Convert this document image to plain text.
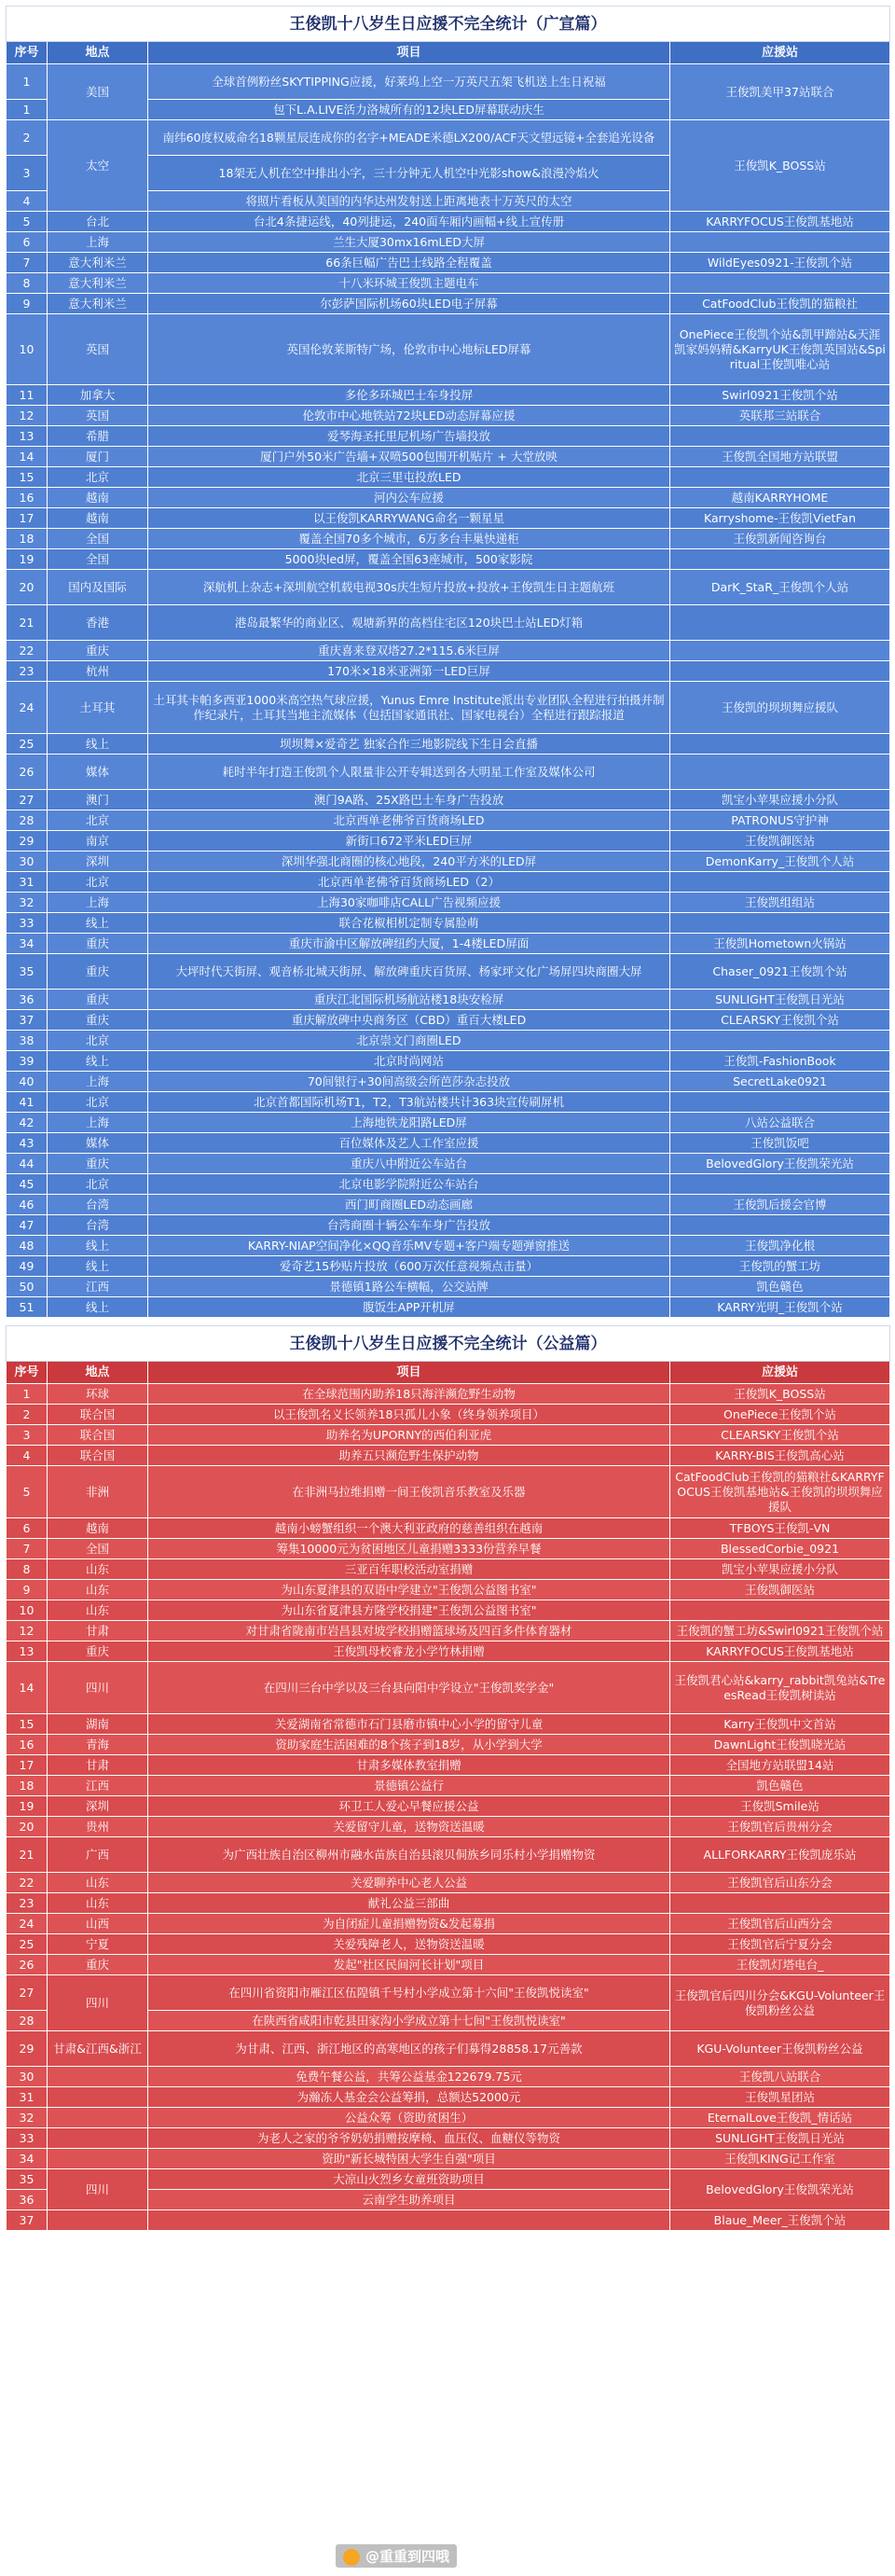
王俊凯十八岁生日应援不完全统计（广宣篇）			
序号	地点	项目	应援站
1	美国	全球首例粉丝SKYTIPPING应援，好莱坞上空一万英尺五架飞机送上生日祝福	王俊凯美甲37站联合
1		包下L.A.LIVE活力洛城所有的12块LED屏幕联动庆生	
2	太空	南纬60度权威命名18颗星辰连成你的名字+MEADE米德LX200/ACF天文望远镜+全套追光设备	王俊凯K_BOSS站
3		18架无人机在空中排出小字，三十分钟无人机空中光影show&浪漫冷焰火	
4		将照片看板从美国的内华达州发射送上距离地表十万英尺的太空	
5	台北	台北4条捷运线，40列捷运，240面车厢内画幅+线上宣传册	KARRYFOCUS王俊凯基地站
6	上海	兰生大厦30mx16mLED大屏	
7	意大利米兰	66条巨幅广告巴士线路全程覆盖	WildEyes0921-王俊凯个站
8	意大利米兰	十八米环城王俊凯主题电车	
9	意大利米兰	尔彭萨国际机场60块LED电子屏幕	CatFoodClub王俊凯的猫粮社
10	英国	英国伦敦莱斯特广场，伦敦市中心地标LED屏幕	OnePiece王俊凯个站&凯甲蹄站&天涯凯家妈妈精&KarryUK王俊凯英国站&Spiritual王俊凯唯心站
11	加拿大	多伦多环城巴士车身投屏	Swirl0921王俊凯个站
12	英国	伦敦市中心地铁站72块LED动态屏幕应援	英联邦三站联合
13	希腊	爱琴海圣托里尼机场广告墙投放	
14	厦门	厦门户外50米广告墙+双喷500包围开机贴片 + 大堂放映	王俊凯全国地方站联盟
15	北京	北京三里屯投放LED	
16	越南	河内公车应援	越南KARRYHOME
17	越南	以王俊凯KARRYWANG命名一颗星星	Karryshome-王俊凯VietFan
18	全国	覆盖全国70多个城市，6万多台丰巢快递柜	王俊凯新闻咨询台
19	全国	5000块led屏，覆盖全国63座城市，500家影院	
20	国内及国际	深航机上杂志+深圳航空机载电视30s庆生短片投放+投放+王俊凯生日主题航班	DarK_StaR_王俊凯个人站
21	香港	港岛最繁华的商业区、观塘新界的高档住宅区120块巴士站LED灯箱	
22	重庆	重庆喜来登双塔27.2*115.6米巨屏	
23	杭州	170米×18米亚洲第一LED巨屏	
24	土耳其	土耳其卡帕多西亚1000米高空热气球应援，Yunus Emre Institute派出专业团队全程进行拍摄并制作纪录片，土耳其当地主流媒体（包括国家通讯社、国家电视台）全程进行跟踪报道	王俊凯的坝坝舞应援队
25	线上	坝坝舞×爱奇艺 独家合作三地影院线下生日会直播	
26	媒体	耗时半年打造王俊凯个人限量非公开专辑送到各大明星工作室及媒体公司	
27	澳门	澳门9A路、25X路巴士车身广告投放	凯宝小苹果应援小分队
28	北京	北京西单老佛爷百货商场LED	PATRONUS守护神
29	南京	新街口672平米LED巨屏	王俊凯御医站
30	深圳	深圳华强北商圈的核心地段，240平方米的LED屏	DemonKarry_王俊凯个人站
31	北京	北京西单老佛爷百货商场LED（2）	
32	上海	上海30家咖啡店CALL广告视频应援	王俊凯组组站
33	线上	联合花椒相机定制专属脸萌	
34	重庆	重庆市渝中区解放碑纽约大厦，1-4楼LED屏面	王俊凯Hometown火锅站
35	重庆	大坪时代天街屏、观音桥北城天街屏、解放碑重庆百货屏、杨家坪文化广场屏四块商圈大屏	Chaser_0921王俊凯个站
36	重庆	重庆江北国际机场航站楼18块安检屏	SUNLIGHT王俊凯日光站
37	重庆	重庆解放碑中央商务区（CBD）重百大楼LED	CLEARSKY王俊凯个站
38	北京	北京崇文门商圈LED	
39	线上	北京时尚网站	王俊凯-FashionBook
40	上海	70间银行+30间高级会所芭莎杂志投放	SecretLake0921
41	北京	北京首都国际机场T1，T2，T3航站楼共计363块宣传刷屏机	
42	上海	上海地铁龙阳路LED屏	八站公益联合
43	媒体	百位媒体及艺人工作室应援	王俊凯饭吧
44	重庆	重庆八中附近公车站台	BelovedGlory王俊凯荣光站
45	北京	北京电影学院附近公车站台	
46	台湾	西门町商圈LED动态画廊	王俊凯后援会官博
47	台湾	台湾商圈十辆公车车身广告投放	
48	线上	KARRY-NIAP空间净化×QQ音乐MV专题+客户端专题弹窗推送	王俊凯净化根
49	线上	爱奇艺15秒贴片投放（600万次任意视频点击量）	王俊凯的蟹工坊
50	江西	景德镇1路公车横幅，公交站牌	凯色赣色
51	线上	腹饭生APP开机屏	KARRY光明_王俊凯个站
王俊凯十八岁生日应援不完全统计（公益篇）			
序号	地点	项目	应援站
1	环球	在全球范围内助养18只海洋濒危野生动物	王俊凯K_BOSS站
2	联合国	以王俊凯名义长领养18只孤儿小象（终身领养项目）	OnePiece王俊凯个站
3	联合国	助养名为UPORNY的西伯利亚虎	CLEARSKY王俊凯个站
4	联合国	助养五只濒危野生保护动物	KARRY-BIS王俊凯高心站
5	非洲	在非洲马拉维捐赠一间王俊凯音乐教室及乐器	CatFoodClub王俊凯的猫粮社&KARRYFOCUS王俊凯基地站&王俊凯的坝坝舞应援队
6	越南	越南小螃蟹组织一个澳大利亚政府的慈善组织在越南	TFBOYS王俊凯-VN
7	全国	筹集10000元为贫困地区儿童捐赠3333份营养早餐	BlessedCorbie_0921
8	山东	三亚百年职校活动室捐赠	凯宝小苹果应援小分队
9	山东	为山东夏津县的双语中学建立"王俊凯公益图书室"	王俊凯御医站
10	山东	为山东省夏津县方隆学校捐建"王俊凯公益图书室"	
12	甘肃	对甘肃省陇南市岩昌县对坡学校捐赠篮球场及四百多件体育器材	王俊凯的蟹工坊&Swirl0921王俊凯个站
13	重庆	王俊凯母校睿龙小学竹林捐赠	KARRYFOCUS王俊凯基地站
14	四川	在四川三台中学以及三台县向阳中学设立"王俊凯奖学金"	王俊凯君心站&karry_rabbit凯兔站&TreesRead王俊凯树读站
15	湖南	关爱湖南省常德市石门县磨市镇中心小学的留守儿童	Karry王俊凯中文首站
16	青海	资助家庭生活困难的8个孩子到18岁，从小学到大学	DawnLight王俊凯晓光站
17	甘肃	甘肃多媒体教室捐赠	全国地方站联盟14站
18	江西	景德镇公益行	凯色赣色
19	深圳	环卫工人爱心早餐应援公益	王俊凯Smile站
20	贵州	关爱留守儿童，送物资送温暖	王俊凯官后贵州分会
21	广西	为广西壮族自治区柳州市融水苗族自治县滚贝侗族乡同乐村小学捐赠物资	ALLFORKARRY王俊凯庞乐站
22	山东	关爱聊养中心老人公益	王俊凯官后山东分会
23	山东	献礼公益三部曲	
24	山西	为自闭症儿童捐赠物资&发起募捐	王俊凯官后山西分会
25	宁夏	关爱残障老人，送物资送温暖	王俊凯官后宁夏分会
26	重庆	发起"社区民间河长计划"项目	王俊凯灯塔电台_
27	四川	在四川省资阳市雁江区伍隍镇千号村小学成立第十六间"王俊凯悦读室"	王俊凯官后四川分会&KGU-Volunteer王俊凯粉丝公益
28		在陕西省咸阳市乾县田家沟小学成立第十七间"王俊凯悦读室"	
29	甘肃&江西&浙江	为甘肃、江西、浙江地区的高寒地区的孩子们募得28858.17元善款	KGU-Volunteer王俊凯粉丝公益
30		免费午餐公益，共筹公益基金122679.75元	王俊凯八站联合
31		为瀚冻人基金会公益筹捐，总额达52000元	王俊凯星团站
32		公益众筹（资助贫困生）	EternalLove王俊凯_情话站
33		为老人之家的爷爷奶奶捐赠按摩椅、血压仪、血糖仪等物资	SUNLIGHT王俊凯日光站
34		资助"新长城特困大学生自强"项目	王俊凯KING记工作室
35	四川	大凉山火烈乡女童班资助项目	BelovedGlory王俊凯荣光站
36		云南学生助养项目	
37			Blaue_Meer_王俊凯个站
@重重到四哦
